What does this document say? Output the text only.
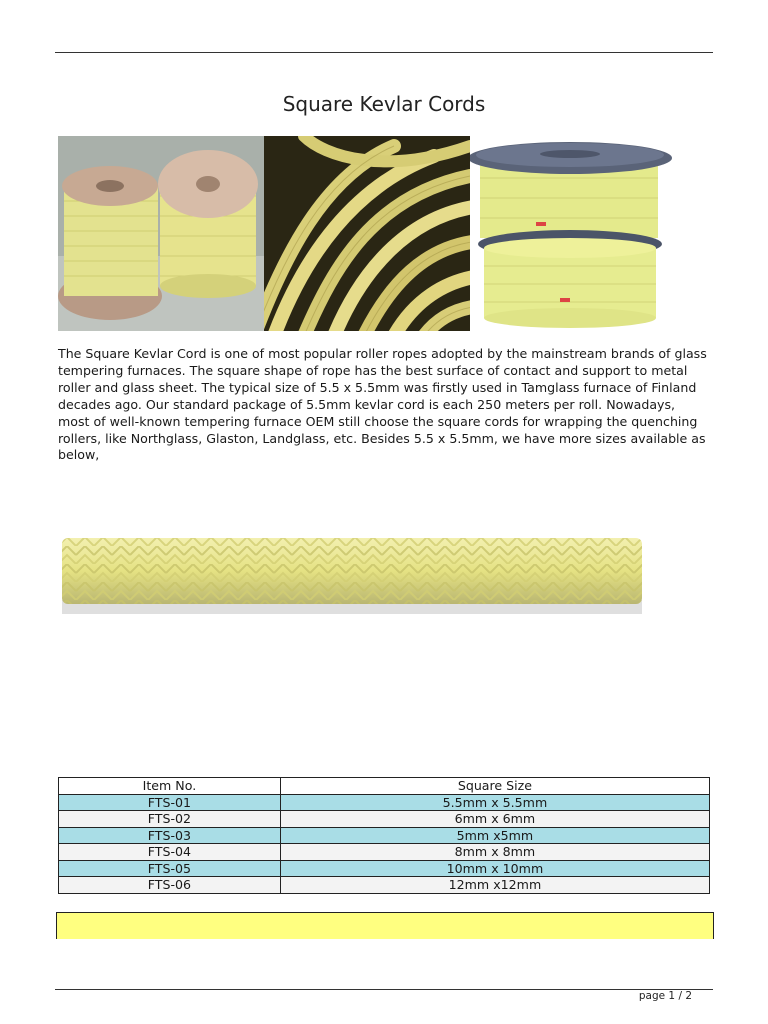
Square Kevlar Cords
The Square Kevlar Cord is one of most popular roller ropes adopted by the mainstream brands of glass tempering furnaces. The square shape of rope has the best surface of contact and support to metal roller and glass sheet. The typical size of 5.5 x 5.5mm was firstly used in Tamglass furnace of Finland decades ago. Our standard package of 5.5mm kevlar cord is each 250 meters per roll. Nowadays, most of well-known tempering furnace OEM still choose the square cords for wrapping the quenching rollers, like Northglass, Glaston, Landglass, etc. Besides 5.5 x 5.5mm, we have more sizes available as below,
Item No.	Square Size
FTS-01	5.5mm x 5.5mm
FTS-02	6mm x 6mm
FTS-03	5mm x5mm
FTS-04	8mm x 8mm
FTS-05	10mm x 10mm
FTS-06	12mm x12mm
page 1 / 2
